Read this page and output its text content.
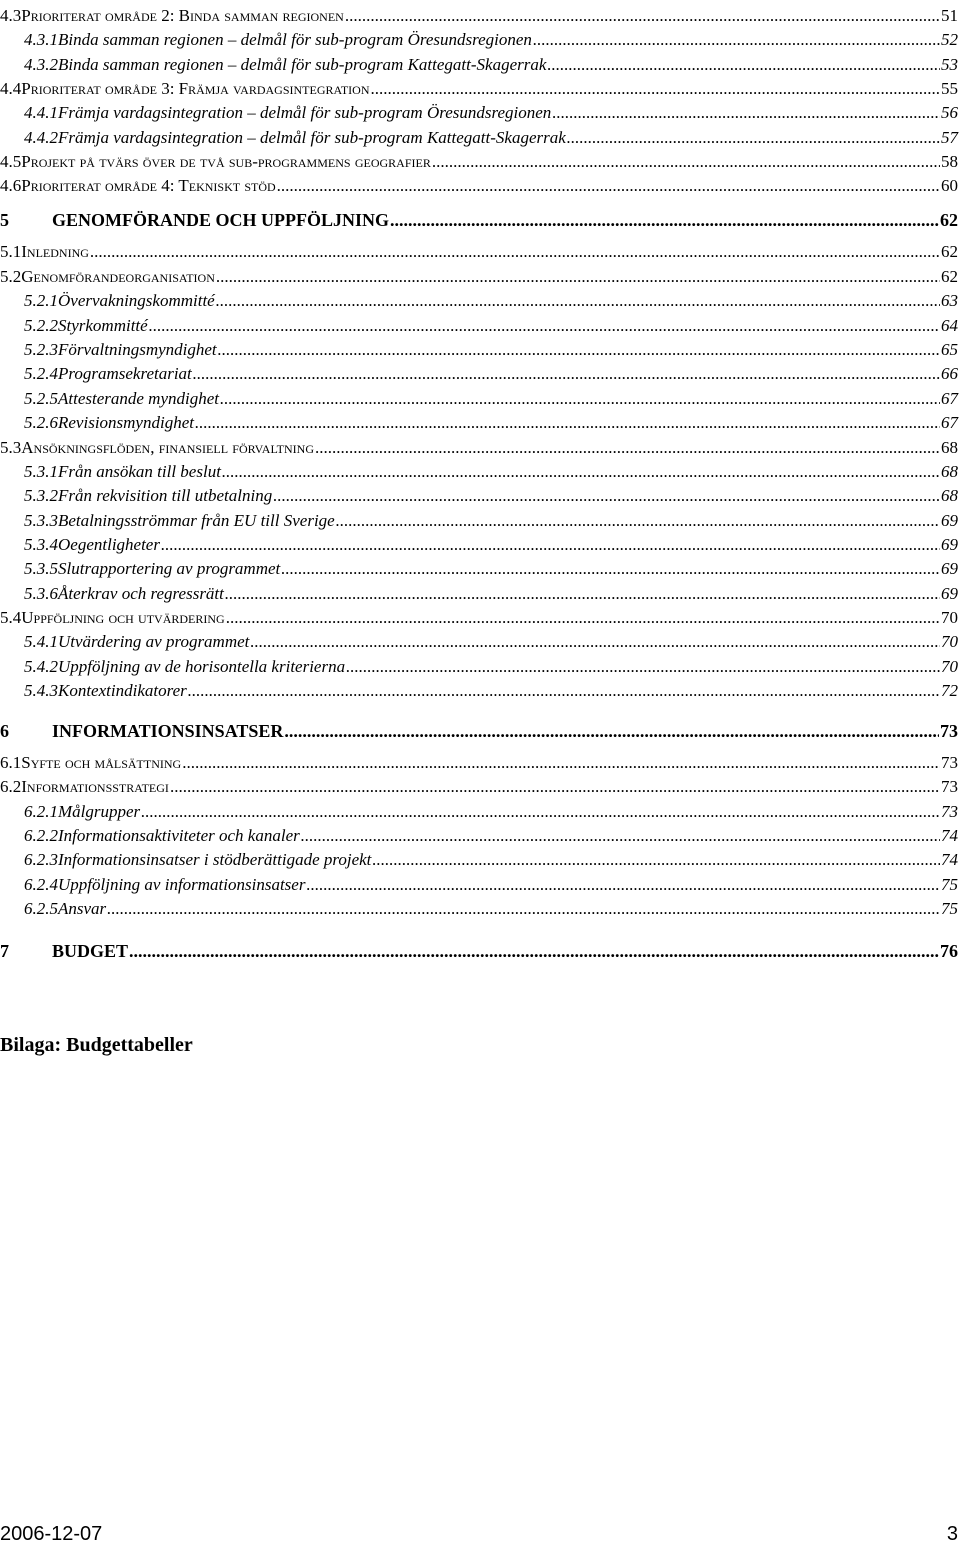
4.3 Prioriterat område 2: Binda samman regionen .....	51
4.3.1 Binda samman regionen – delmål för sub-program Öresundsregionen .....	52
4.3.2 Binda samman regionen – delmål för sub-program Kattegatt-Skagerrak .....	53
4.4 Prioriterat område 3: Främja vardagsintegration .....	55
4.4.1 Främja vardagsintegration – delmål för sub-program Öresundsregionen .....	56
4.4.2 Främja vardagsintegration – delmål för sub-program Kattegatt-Skagerrak .....	57
4.5 Projekt på tvärs över de två sub-programmens geografier .....	58
4.6 Prioriterat område 4: Tekniskt stöd .....	60
5	GENOMFÖRANDE OCH UPPFÖLJNING .....	62
5.1 Inledning .....	62
5.2 Genomförandeorganisation .....	62
5.2.1 Övervakningskommitté .....	63
5.2.2 Styrkommitté .....	64
5.2.3 Förvaltningsmyndighet .....	65
5.2.4 Programsekretariat .....	66
5.2.5 Attesterande myndighet .....	67
5.2.6 Revisionsmyndighet .....	67
5.3 Ansökningsflöden, finansiell förvaltning .....	68
5.3.1 Från ansökan till beslut .....	68
5.3.2 Från rekvisition till utbetalning .....	68
5.3.3 Betalningsströmmar från EU till Sverige .....	69
5.3.4 Oegentligheter .....	69
5.3.5 Slutrapportering av programmet .....	69
5.3.6 Återkrav och regressrätt .....	69
5.4 Uppföljning och utvärdering .....	70
5.4.1 Utvärdering av programmet .....	70
5.4.2 Uppföljning av de horisontella kriterierna .....	70
5.4.3 Kontextindikatorer .....	72
6	INFORMATIONSINSATSER .....	73
6.1 Syfte och målsättning .....	73
6.2 Informationsstrategi .....	73
6.2.1 Målgrupper .....	73
6.2.2 Informationsaktiviteter och kanaler .....	74
6.2.3 Informationsinsatser i stödberättigade projekt .....	74
6.2.4 Uppföljning av informationsinsatser .....	75
6.2.5 Ansvar .....	75
7	BUDGET .....	76
Bilaga: Budgettabeller
2006-12-07	3
